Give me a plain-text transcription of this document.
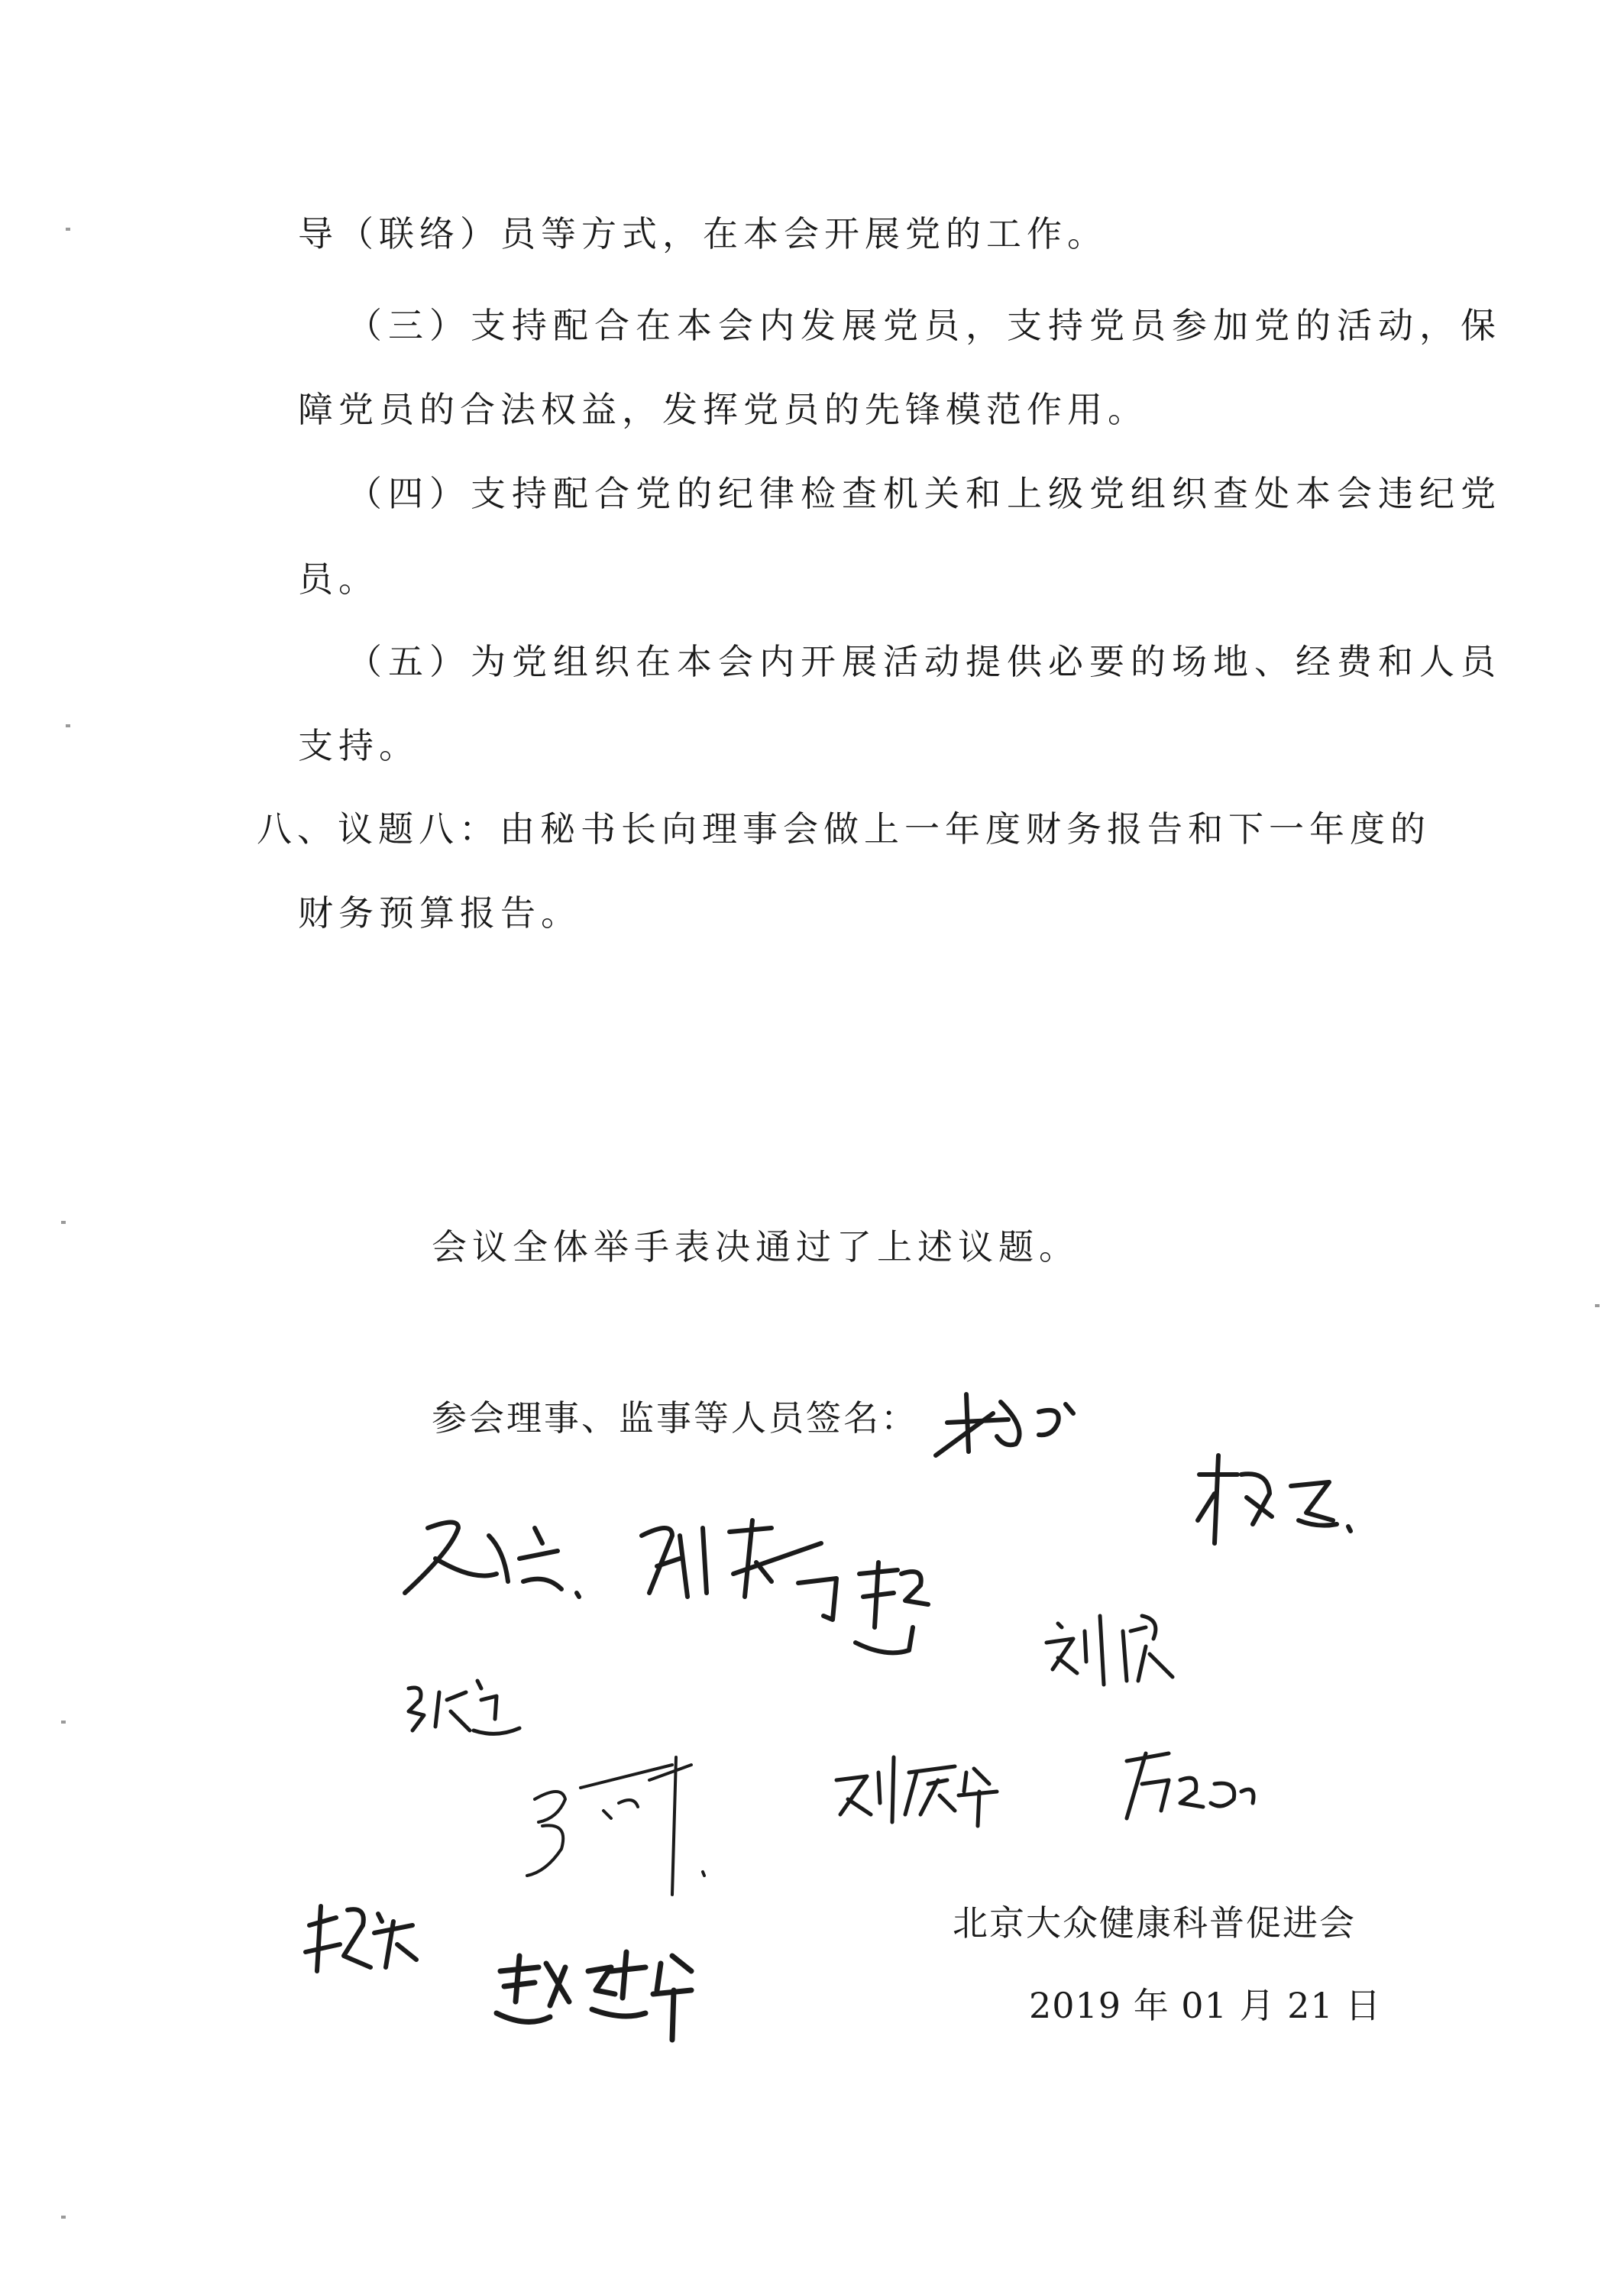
导（联络）员等方式，在本会开展党的工作。
（三）支持配合在本会内发展党员，支持党员参加党的活动，保
障党员的合法权益，发挥党员的先锋模范作用。
（四）支持配合党的纪律检查机关和上级党组织查处本会违纪党
员。
（五）为党组织在本会内开展活动提供必要的场地、经费和人员
支持。
八、议题八：由秘书长向理事会做上一年度财务报告和下一年度的
财务预算报告。
会议全体举手表决通过了上述议题。
参会理事、监事等人员签名：
北京大众健康科普促进会
2019 年 01 月 21 日
